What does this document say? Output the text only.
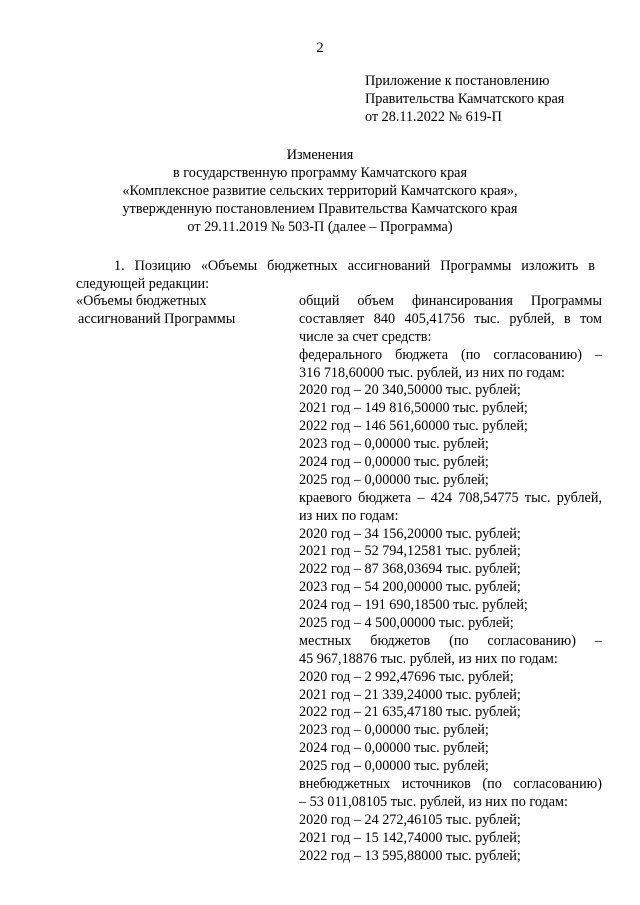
2
Приложение к постановлению
Правительства Камчатского края
от 28.11.2022 № 619-П
Изменения
в государственную программу Камчатского края
«Комплексное развитие сельских территорий Камчатского края»,
утвержденную постановлением Правительства Камчатского края
от 29.11.2019 № 503-П (далее – Программа)
1. Позицию «Объемы бюджетных ассигнований Программы изложить в
следующей редакции:
«Объемы бюджетных
ассигнований Программы
общий объем финансирования Программы
составляет 840 405,41756 тыс. рублей, в том
числе за счет средств:
федерального бюджета (по согласованию) –
316 718,60000 тыс. рублей, из них по годам:
2020 год – 20 340,50000 тыс. рублей;
2021 год – 149 816,50000 тыс. рублей;
2022 год – 146 561,60000 тыс. рублей;
2023 год – 0,00000 тыс. рублей;
2024 год – 0,00000 тыс. рублей;
2025 год – 0,00000 тыс. рублей;
краевого бюджета – 424 708,54775 тыс. рублей,
из них по годам:
2020 год – 34 156,20000 тыс. рублей;
2021 год – 52 794,12581 тыс. рублей;
2022 год – 87 368,03694 тыс. рублей;
2023 год – 54 200,00000 тыс. рублей;
2024 год – 191 690,18500 тыс. рублей;
2025 год – 4 500,00000 тыс. рублей;
местных бюджетов (по согласованию) –
45 967,18876 тыс. рублей, из них по годам:
2020 год – 2 992,47696 тыс. рублей;
2021 год – 21 339,24000 тыс. рублей;
2022 год – 21 635,47180 тыс. рублей;
2023 год – 0,00000 тыс. рублей;
2024 год – 0,00000 тыс. рублей;
2025 год – 0,00000 тыс. рублей;
внебюджетных источников (по согласованию)
– 53 011,08105 тыс. рублей, из них по годам:
2020 год – 24 272,46105 тыс. рублей;
2021 год – 15 142,74000 тыс. рублей;
2022 год – 13 595,88000 тыс. рублей;
